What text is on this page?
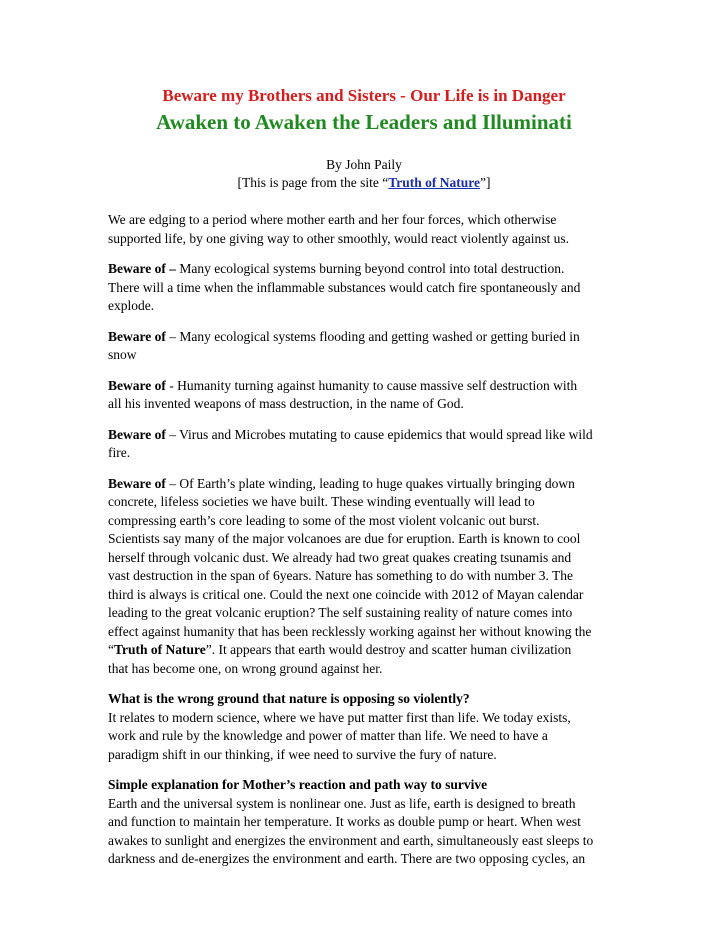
Beware my Brothers and Sisters - Our Life is in Danger
Awaken to Awaken the Leaders and Illuminati
By John Paily
[This is page from the site “Truth of Nature”]
We are edging to a period where mother earth and her four forces, which otherwise
supported life, by one giving way to other smoothly, would react violently against us.
Beware of – Many ecological systems burning beyond control into total destruction.
There will a time when the inflammable substances would catch fire spontaneously and
explode.
Beware of – Many ecological systems flooding and getting washed or getting buried in
snow
Beware of - Humanity turning against humanity to cause massive self destruction with
all his invented weapons of mass destruction, in the name of God.
Beware of – Virus and Microbes mutating to cause epidemics that would spread like wild
fire.
Beware of – Of Earth’s plate winding, leading to huge quakes virtually bringing down
concrete, lifeless societies we have built. These winding eventually will lead to
compressing earth’s core leading to some of the most violent volcanic out burst.
Scientists say many of the major volcanoes are due for eruption. Earth is known to cool
herself through volcanic dust. We already had two great quakes creating tsunamis and
vast destruction in the span of 6years. Nature has something to do with number 3. The
third is always is critical one. Could the next one coincide with 2012 of Mayan calendar
leading to the great volcanic eruption? The self sustaining reality of nature comes into
effect against humanity that has been recklessly working against her without knowing the
“Truth of Nature”. It appears that earth would destroy and scatter human civilization
that has become one, on wrong ground against her.
What is the wrong ground that nature is opposing so violently?
It relates to modern science, where we have put matter first than life. We today exists,
work and rule by the knowledge and power of matter than life. We need to have a
paradigm shift in our thinking, if wee need to survive the fury of nature.
Simple explanation for Mother’s reaction and path way to survive
Earth and the universal system is nonlinear one. Just as life, earth is designed to breath
and function to maintain her temperature. It works as double pump or heart. When west
awakes to sunlight and energizes the environment and earth, simultaneously east sleeps to
darkness and de-energizes the environment and earth. There are two opposing cycles, an
